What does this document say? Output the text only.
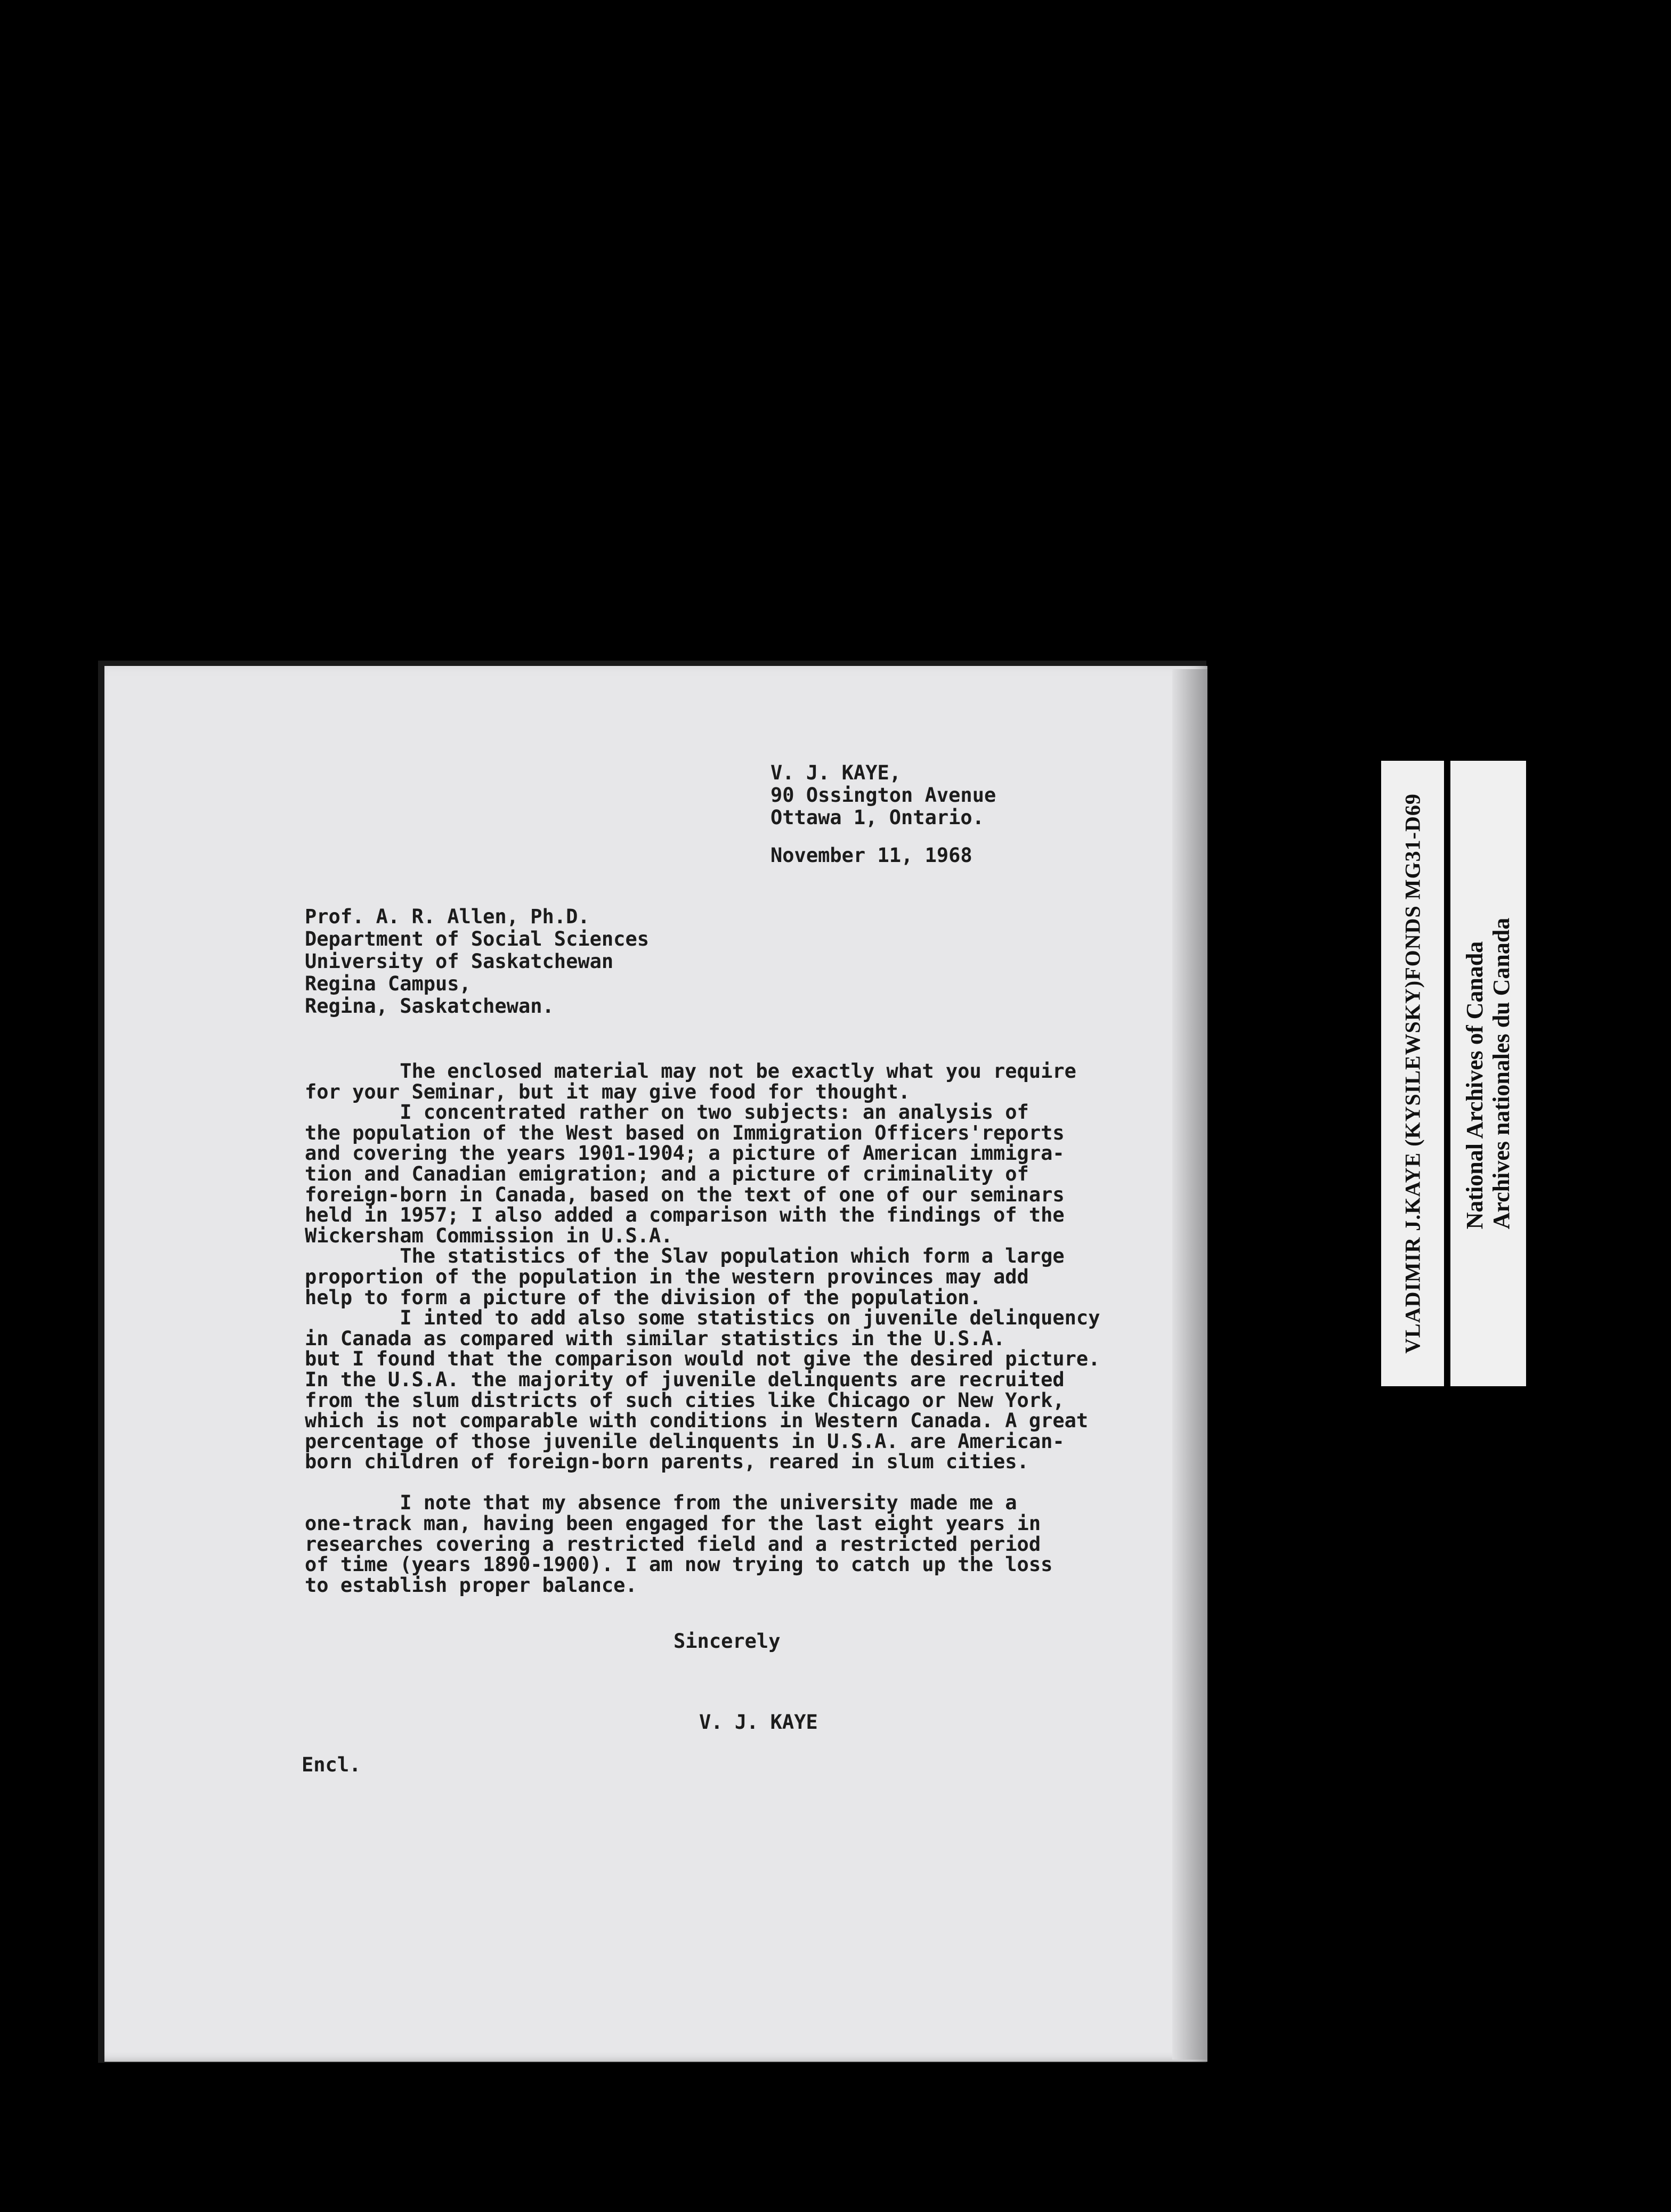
V. J. KAYE,
90 Ossington Avenue
Ottawa 1, Ontario.
November 11, 1968
Prof. A. R. Allen, Ph.D.
Department of Social Sciences
University of Saskatchewan
Regina Campus,
Regina, Saskatchewan.
The enclosed material may not be exactly what you require
for your Seminar, but it may give food for thought.
I concentrated rather on two subjects: an analysis of
the population of the West based on Immigration Officers'reports
and covering the years 1901-1904; a picture of American immigra-
tion and Canadian emigration; and a picture of criminality of
foreign-born in Canada, based on the text of one of our seminars
held in 1957; I also added a comparison with the findings of the
Wickersham Commission in U.S.A.
The statistics of the Slav population which form a large
proportion of the population in the western provinces may add
help to form a picture of the division of the population.
I inted to add also some statistics on juvenile delinquency
in Canada as compared with similar statistics in the U.S.A.
but I found that the comparison would not give the desired picture.
In the U.S.A. the majority of juvenile delinquents are recruited
from the slum districts of such cities like Chicago or New York,
which is not comparable with conditions in Western Canada. A great
percentage of those juvenile delinquents in U.S.A. are American-
born children of foreign-born parents, reared in slum cities.

I note that my absence from the university made me a
one-track man, having been engaged for the last eight years in
researches covering a restricted field and a restricted period
of time (years 1890-1900). I am now trying to catch up the loss
to establish proper balance.
Sincerely
V. J. KAYE
Encl.
VLADIMIR J.KAYE (KYSILEWSKY)FONDS MG31-D69 National Archives of Canada Archives nationales du Canada
